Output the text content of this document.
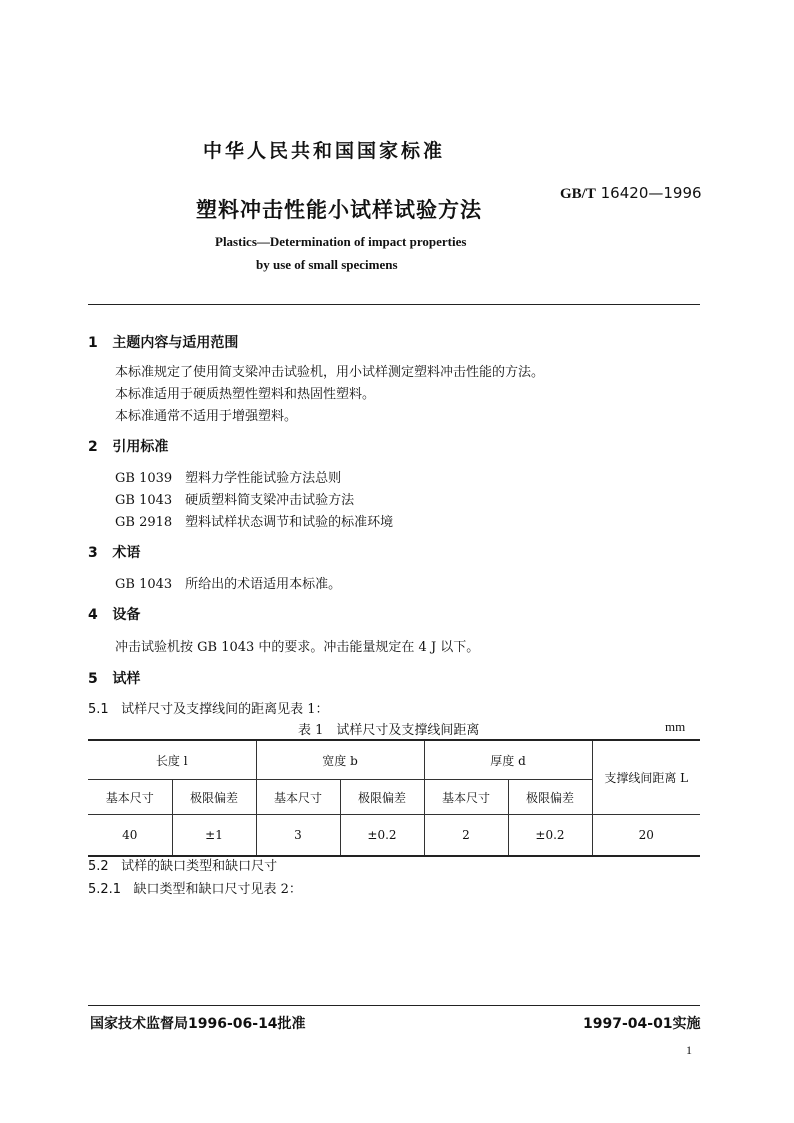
中华人民共和国国家标准
塑料冲击性能小试样试验方法
GB/T 16420—1996
Plastics—Determination of impact properties
by use of small specimens
1 主题内容与适用范围
本标准规定了使用简支梁冲击试验机，用小试样测定塑料冲击性能的方法。
本标准适用于硬质热塑性塑料和热固性塑料。
本标准通常不适用于增强塑料。
2 引用标准
GB 1039 塑料力学性能试验方法总则
GB 1043 硬质塑料简支梁冲击试验方法
GB 2918 塑料试样状态调节和试验的标准环境
3 术语
GB 1043 所给出的术语适用本标准。
4 设备
冲击试验机按 GB 1043 中的要求。冲击能量规定在 4 J 以下。
5 试样
5.1 试样尺寸及支撑线间的距离见表 1：
表 1　试样尺寸及支撑线间距离	mm
长度 l		宽度 b		厚度 d		支撑线间距离 L
基本尺寸	极限偏差	基本尺寸	极限偏差	基本尺寸	极限偏差	
40	±1	3	±0.2	2	±0.2	20
5.2 试样的缺口类型和缺口尺寸
5.2.1 缺口类型和缺口尺寸见表 2：
国家技术监督局1996-06-14批准	1997-04-01实施
1
